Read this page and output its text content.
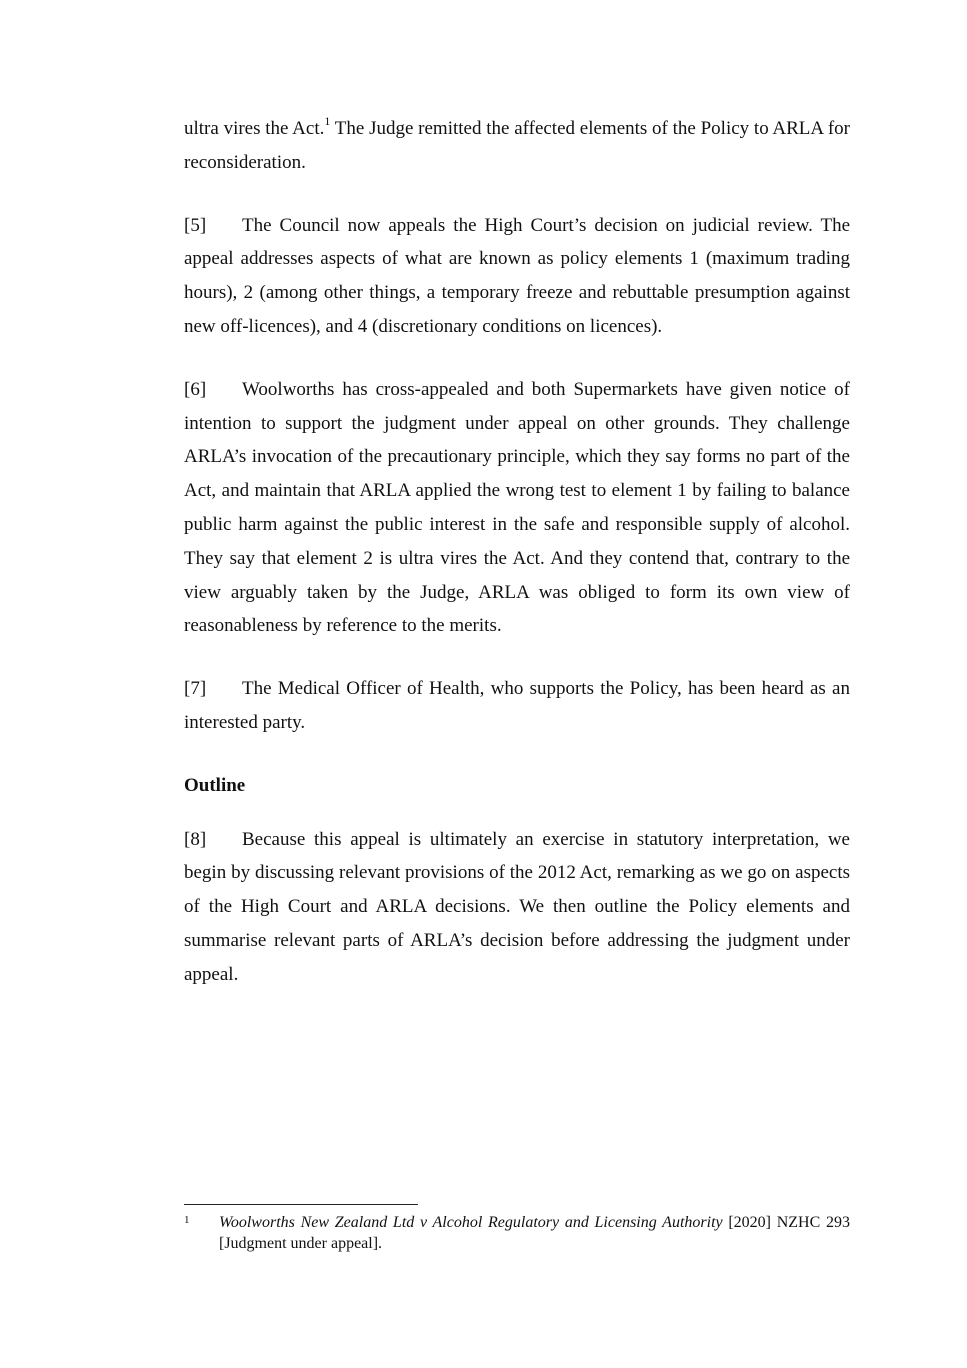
ultra vires the Act.$^1$ The Judge remitted the affected elements of the Policy to ARLA for reconsideration.

[5] The Council now appeals the High Court’s decision on judicial review. The appeal addresses aspects of what are known as policy elements 1 (maximum trading hours), 2 (among other things, a temporary freeze and rebuttable presumption against new off-licences), and 4 (discretionary conditions on licences).

[6] Woolworths has cross-appealed and both Supermarkets have given notice of intention to support the judgment under appeal on other grounds. They challenge ARLA’s invocation of the precautionary principle, which they say forms no part of the Act, and maintain that ARLA applied the wrong test to element 1 by failing to balance public harm against the public interest in the safe and responsible supply of alcohol. They say that element 2 is ultra vires the Act. And they contend that, contrary to the view arguably taken by the Judge, ARLA was obliged to form its own view of reasonableness by reference to the merits.

[7] The Medical Officer of Health, who supports the Policy, has been heard as an interested party.

Outline

[8] Because this appeal is ultimately an exercise in statutory interpretation, we begin by discussing relevant provisions of the 2012 Act, remarking as we go on aspects of the High Court and ARLA decisions. We then outline the Policy elements and summarise relevant parts of ARLA’s decision before addressing the judgment under appeal.

1 Woolworths New Zealand Ltd v Alcohol Regulatory and Licensing Authority [2020] NZHC 293 [Judgment under appeal].
